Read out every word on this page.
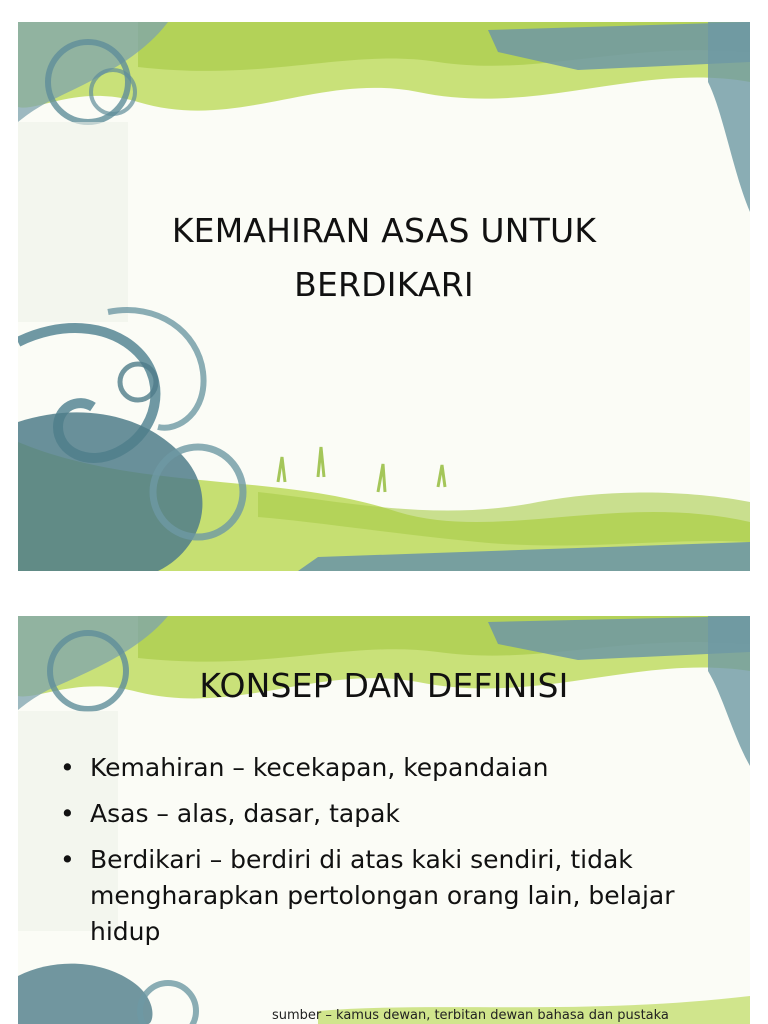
KEMAHIRAN ASAS UNTUK
BERDIKARI
KONSEP DAN DEFINISI
• Kemahiran – kecekapan, kepandaian
• Asas – alas, dasar, tapak
• Berdikari – berdiri di atas kaki sendiri, tidak mengharapkan pertolongan orang lain, belajar hidup
sumber – kamus dewan, terbitan dewan bahasa dan pustaka
